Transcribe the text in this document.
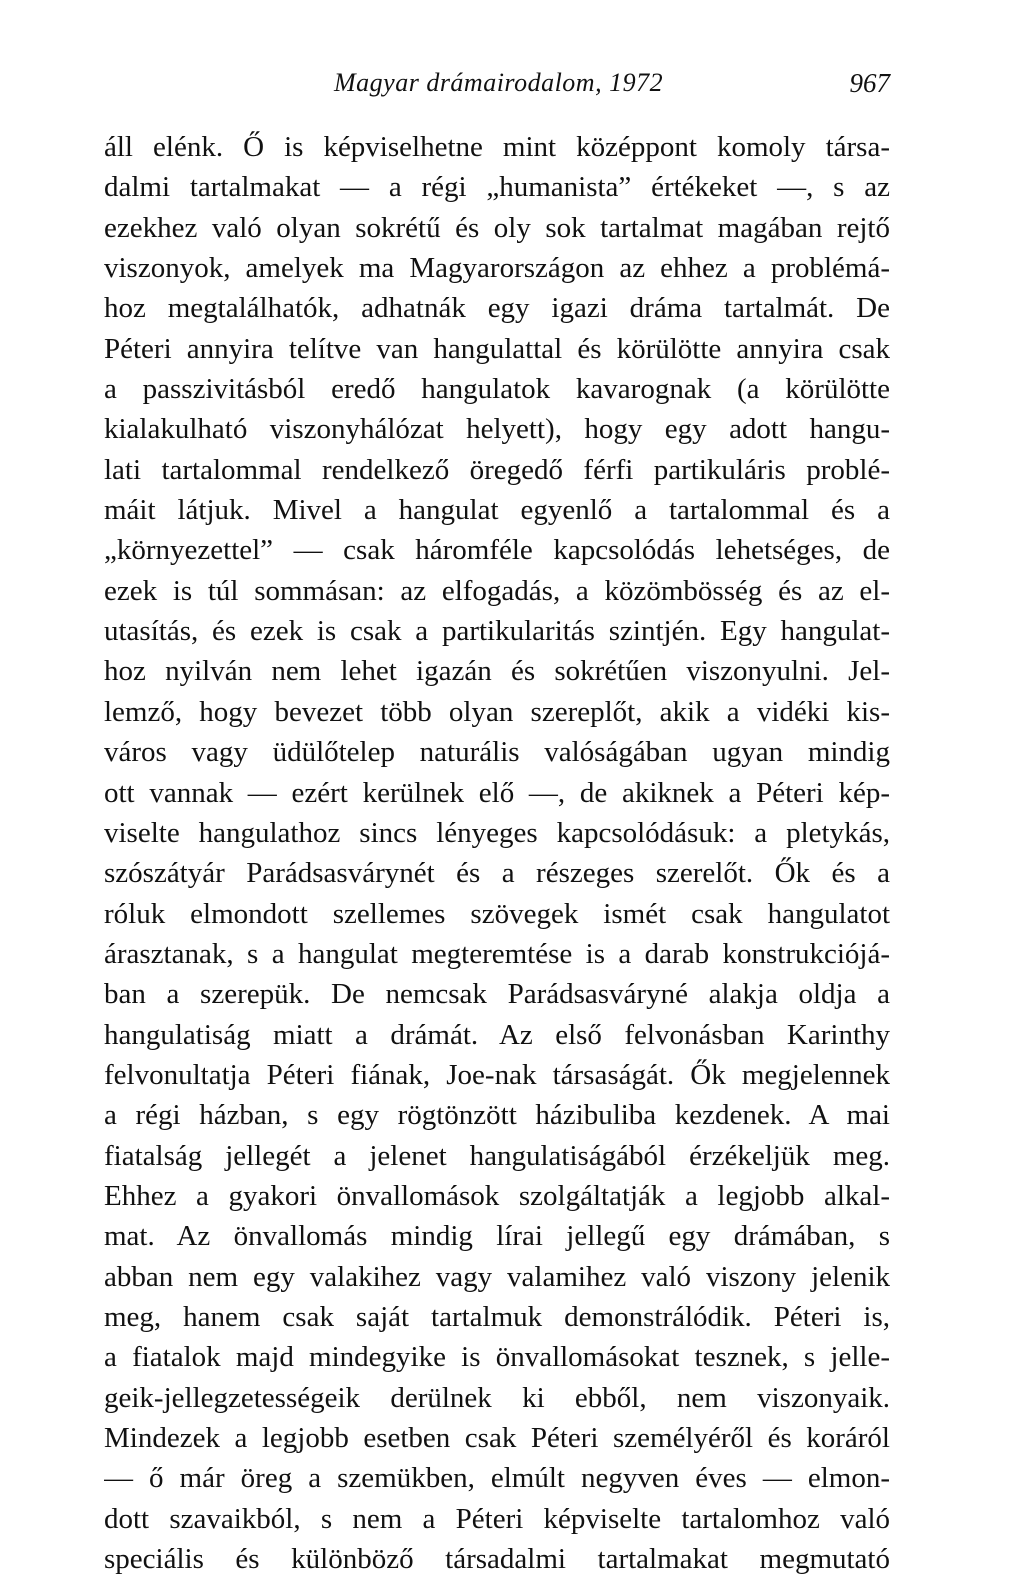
Magyar drámairodalom, 1972	967
áll elénk. Ő is képviselhetne mint középpont komoly társa-
dalmi tartalmakat — a régi „humanista” értékeket —, s az
ezekhez való olyan sokrétű és oly sok tartalmat magában rejtő
viszonyok, amelyek ma Magyarországon az ehhez a problémá-
hoz megtalálhatók, adhatnák egy igazi dráma tartalmát. De
Péteri annyira telítve van hangulattal és körülötte annyira csak
a passzivitásból eredő hangulatok kavarognak (a körülötte
kialakulható viszonyhálózat helyett), hogy egy adott hangu-
lati tartalommal rendelkező öregedő férfi partikuláris problé-
máit látjuk. Mivel a hangulat egyenlő a tartalommal és a
„környezettel” — csak háromféle kapcsolódás lehetséges, de
ezek is túl sommásan: az elfogadás, a közömbösség és az el-
utasítás, és ezek is csak a partikularitás szintjén. Egy hangulat-
hoz nyilván nem lehet igazán és sokrétűen viszonyulni. Jel-
lemző, hogy bevezet több olyan szereplőt, akik a vidéki kis-
város vagy üdülőtelep naturális valóságában ugyan mindig
ott vannak — ezért kerülnek elő —, de akiknek a Péteri kép-
viselte hangulathoz sincs lényeges kapcsolódásuk: a pletykás,
szószátyár Parádsasvárynét és a részeges szerelőt. Ők és a
róluk elmondott szellemes szövegek ismét csak hangulatot
árasztanak, s a hangulat megteremtése is a darab konstrukciójá-
ban a szerepük. De nemcsak Parádsasváryné alakja oldja a
hangulatiság miatt a drámát. Az első felvonásban Karinthy
felvonultatja Péteri fiának, Joe-nak társaságát. Ők megjelennek
a régi házban, s egy rögtönzött házibuliba kezdenek. A mai
fiatalság jellegét a jelenet hangulatiságából érzékeljük meg.
Ehhez a gyakori önvallomások szolgáltatják a legjobb alkal-
mat. Az önvallomás mindig lírai jellegű egy drámában, s
abban nem egy valakihez vagy valamihez való viszony jelenik
meg, hanem csak saját tartalmuk demonstrálódik. Péteri is,
a fiatalok majd mindegyike is önvallomásokat tesznek, s jelle-
geik-jellegzetességeik derülnek ki ebből, nem viszonyaik.
Mindezek a legjobb esetben csak Péteri személyéről és koráról
— ő már öreg a szemükben, elmúlt negyven éves — elmon-
dott szavaikból, s nem a Péteri képviselte tartalomhoz való
speciális és különböző társadalmi tartalmakat megmutató
